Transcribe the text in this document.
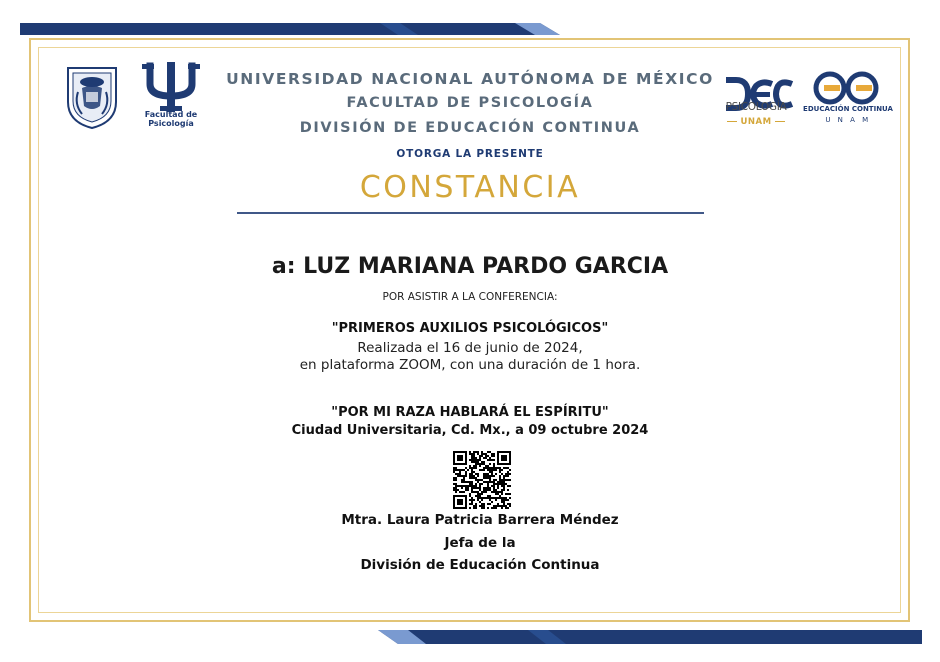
Facultad de Psicología
UNIVERSIDAD NACIONAL AUTÓNOMA DE MÉXICO
FACULTAD DE PSICOLOGÍA
DIVISIÓN DE EDUCACIÓN CONTINUA
OTORGA LA PRESENTE
CONSTANCIA
PSICOLOGÍA
UNAM
EDUCACIÓN CONTINUA
U N A M
a: LUZ MARIANA PARDO GARCIA
POR ASISTIR A LA CONFERENCIA:
"PRIMEROS AUXILIOS PSICOLÓGICOS"
Realizada el 16 de junio de 2024,
en plataforma ZOOM, con una duración de 1 hora.
"POR MI RAZA HABLARÁ EL ESPÍRITU"
Ciudad Universitaria, Cd. Mx., a 09 octubre 2024
Mtra. Laura Patricia Barrera Méndez
Jefa de la
División de Educación Continua
